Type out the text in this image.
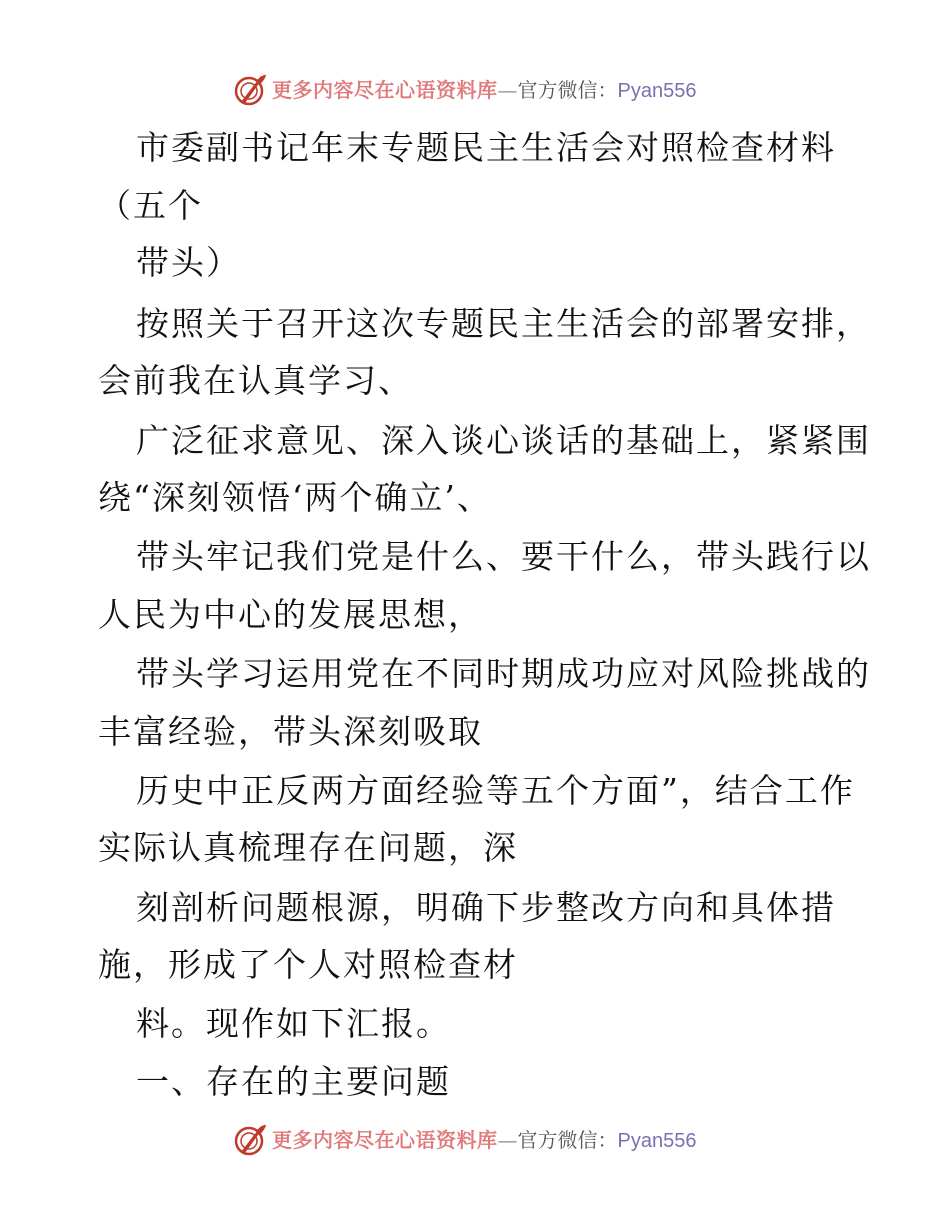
更多内容尽在心语资料库—官方微信：Pyan556
市委副书记年末专题民主生活会对照检查材料
（五个
带头）
按照关于召开这次专题民主生活会的部署安排，
会前我在认真学习、
广泛征求意见、深入谈心谈话的基础上，紧紧围
绕“深刻领悟‘两个确立’、
带头牢记我们党是什么、要干什么，带头践行以
人民为中心的发展思想，
带头学习运用党在不同时期成功应对风险挑战的
丰富经验，带头深刻吸取
历史中正反两方面经验等五个方面”，结合工作
实际认真梳理存在问题，深
刻剖析问题根源，明确下步整改方向和具体措
施，形成了个人对照检查材
料。现作如下汇报。
一、存在的主要问题
更多内容尽在心语资料库—官方微信：Pyan556
